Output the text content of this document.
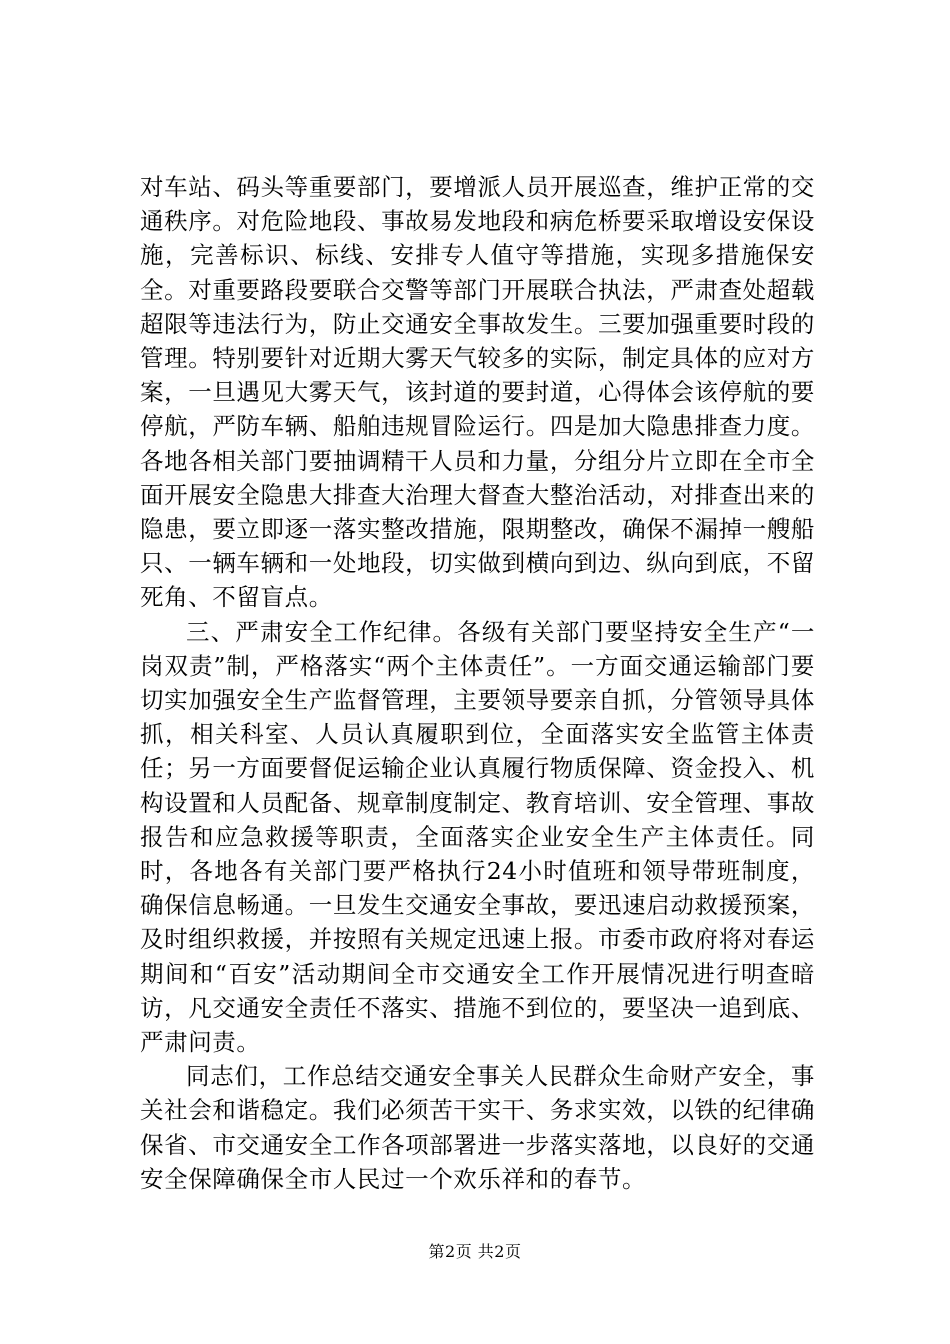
对车站、码头等重要部门，要增派人员开展巡查，维护正常的交通秩序。对危险地段、事故易发地段和病危桥要采取增设安保设施，完善标识、标线、安排专人值守等措施，实现多措施保安全。对重要路段要联合交警等部门开展联合执法，严肃查处超载超限等违法行为，防止交通安全事故发生。三要加强重要时段的管理。特别要针对近期大雾天气较多的实际，制定具体的应对方案，一旦遇见大雾天气，该封道的要封道，心得体会该停航的要停航，严防车辆、船舶违规冒险运行。四是加大隐患排查力度。各地各相关部门要抽调精干人员和力量，分组分片立即在全市全面开展安全隐患大排查大治理大督查大整治活动，对排查出来的隐患，要立即逐一落实整改措施，限期整改，确保不漏掉一艘船只、一辆车辆和一处地段，切实做到横向到边、纵向到底，不留死角、不留盲点。

三、严肃安全工作纪律。各级有关部门要坚持安全生产“一岗双责”制，严格落实“两个主体责任”。一方面交通运输部门要切实加强安全生产监督管理，主要领导要亲自抓，分管领导具体抓，相关科室、人员认真履职到位，全面落实安全监管主体责任；另一方面要督促运输企业认真履行物质保障、资金投入、机构设置和人员配备、规章制度制定、教育培训、安全管理、事故报告和应急救援等职责，全面落实企业安全生产主体责任。同时，各地各有关部门要严格执行24小时值班和领导带班制度，确保信息畅通。一旦发生交通安全事故，要迅速启动救援预案，及时组织救援，并按照有关规定迅速上报。市委市政府将对春运期间和“百安”活动期间全市交通安全工作开展情况进行明查暗访，凡交通安全责任不落实、措施不到位的，要坚决一追到底、严肃问责。

同志们，工作总结交通安全事关人民群众生命财产安全，事关社会和谐稳定。我们必须苦干实干、务求实效，以铁的纪律确保省、市交通安全工作各项部署进一步落实落地，以良好的交通安全保障确保全市人民过一个欢乐祥和的春节。

第2页 共2页
